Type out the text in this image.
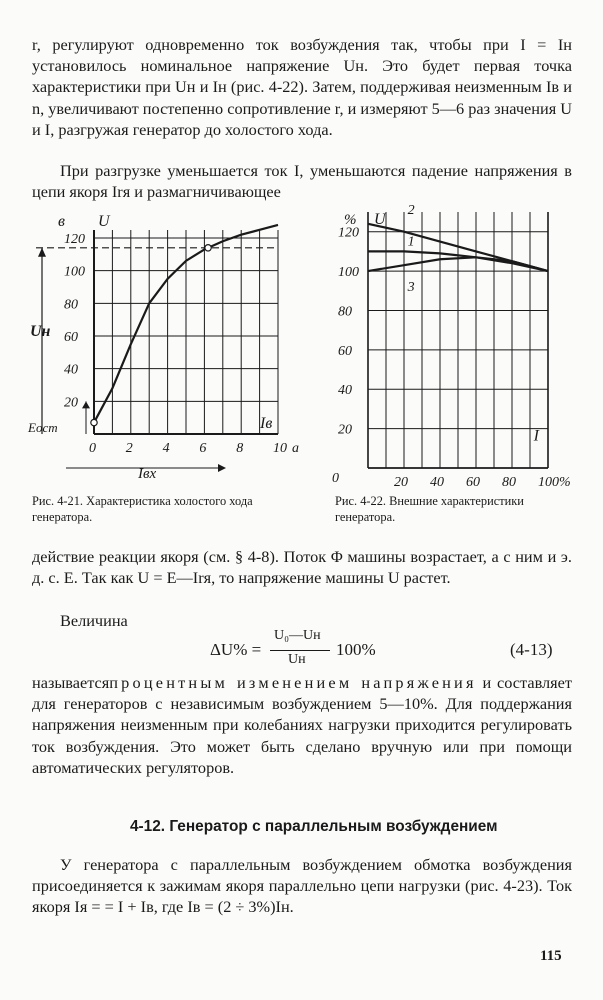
r, регулируют одновременно ток возбуждения так, чтобы при I = Iн установилось номинальное напряжение Uн. Это будет первая точка характеристики при Uн и Iн (рис. 4-22). Затем, поддерживая неизменным Iв и n, увеличивают постепенно сопротивление r, и измеряют 5—6 раз значения U и I, разгружая генератор до холостого хода.

При разгрузке уменьшается ток I, уменьшаются падение напряжения в цепи якоря Irя и размагничивающее

в U
120
100
80
60
40
20
0 2 4 6 8 10 а
Iв
Uн
Eост
Iвх
Рис. 4-21. Характеристика холостого хода генератора.
% U
120
100
80
60
40
20
0	20 40 60 80 100%
I
2
1
3
Рис. 4-22. Внешние характеристики генератора.

действие реакции якоря (см. § 4-8). Поток Φ машины возрастает, а с ним и э. д. с. E. Так как U = E—Irя, то напряжение машины U растет.

Величина

ΔU% =
U₀—Uн
Uн
100%	(4-13)

называетсяпроцентным изменением напряжения и составляет для генераторов с независимым возбуждением 5—10%. Для поддержания напряжения неизменным при колебаниях нагрузки приходится регулировать ток возбуждения. Это может быть сделано вручную или при помощи автоматических регуляторов.

4-12. Генератор с параллельным возбуждением

У генератора с параллельным возбуждением обмотка возбуждения присоединяется к зажимам якоря параллельно цепи нагрузки (рис. 4-23). Ток якоря Iя = = I + Iв, где Iв = (2 ÷ 3%)Iн.

115
